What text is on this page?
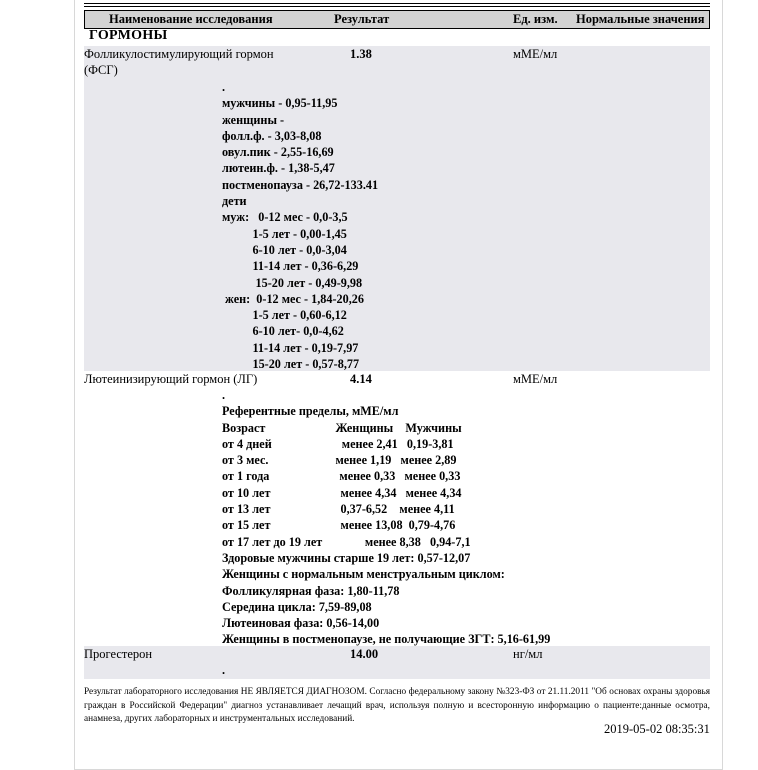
Наименование исследования	Результат	Ед. изм. Нормальные значения
ГОРМОНЫ
Фолликулостимулирующий гормон
(ФСГ)
1.38	мМЕ/мл
.
мужчины - 0,95-11,95
женщины -
фолл.ф. - 3,03-8,08
овул.пик - 2,55-16,69
лютеин.ф. - 1,38-5,47
постменопауза - 26,72-133.41
дети
муж:   0-12 мес - 0,0-3,5
1-5 лет - 0,00-1,45
6-10 лет - 0,0-3,04
11-14 лет - 0,36-6,29
15-20 лет - 0,49-9,98
жен:  0-12 мес - 1,84-20,26
1-5 лет - 0,60-6,12
6-10 лет- 0,0-4,62
11-14 лет - 0,19-7,97
15-20 лет - 0,57-8,77
Лютеинизирующий гормон (ЛГ)	4.14	мМЕ/мл
.
Референтные пределы, мМЕ/мл
Возраст                       Женщины    Мужчины
от 4 дней                       менее 2,41   0,19-3,81
от 3 мес.                      менее 1,19   менее 2,89
от 1 года                       менее 0,33   менее 0,33
от 10 лет                       менее 4,34   менее 4,34
от 13 лет                       0,37-6,52    менее 4,11
от 15 лет                       менее 13,08  0,79-4,76
от 17 лет до 19 лет              менее 8,38   0,94-7,1
Здоровые мужчины старше 19 лет: 0,57-12,07
Женщины с нормальным менструальным циклом:
Фолликулярная фаза: 1,80-11,78
Середина цикла: 7,59-89,08
Лютеиновая фаза: 0,56-14,00
Женщины в постменопаузе, не получающие ЗГТ: 5,16-61,99
Прогестерон	14.00	нг/мл
.
Результат лабораторного исследования НЕ ЯВЛЯЕТСЯ ДИАГНОЗОМ. Согласно федеральному закону №323-ФЗ от 21.11.2011 "Об основах охраны здоровья граждан в Российской Федерации" диагноз устанавливает лечащий врач, используя полную и всесторонную информацию о пациенте:данные осмотра, анамнеза, других лабораторных и инструментальных исследований.
2019-05-02 08:35:31
